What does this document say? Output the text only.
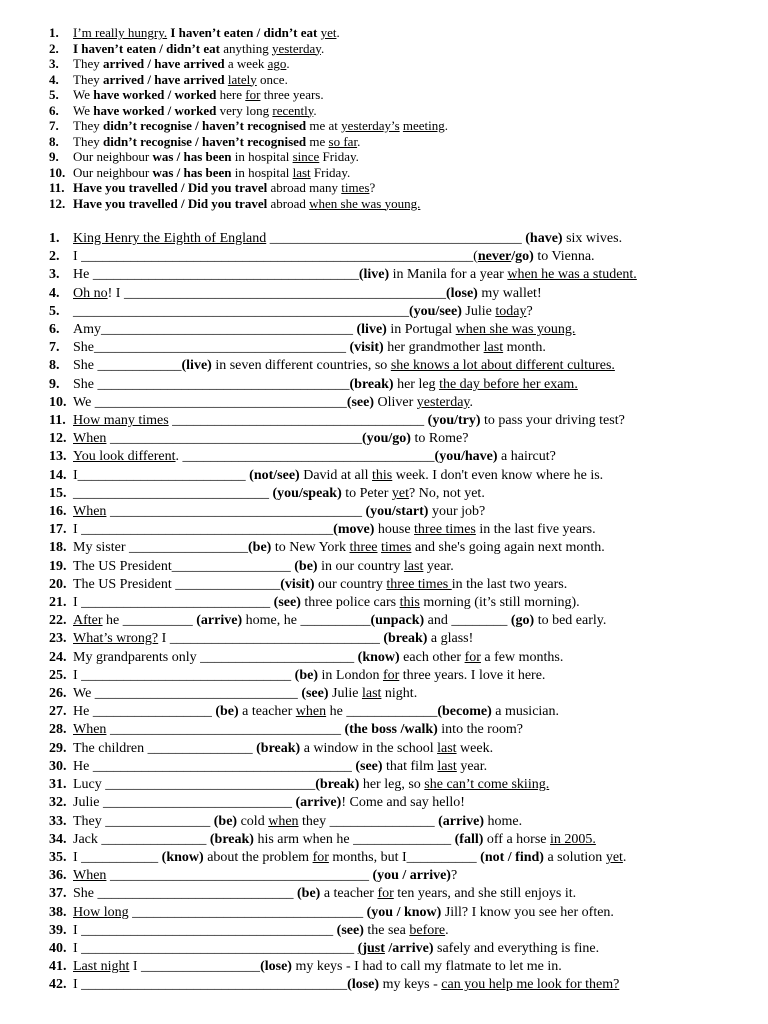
1. I’m really hungry. I haven’t eaten / didn’t eat yet.
2. I haven’t eaten / didn’t eat anything yesterday.
3. They arrived / have arrived a week ago.
4. They arrived / have arrived lately once.
5. We have worked / worked here for three years.
6. We have worked / worked very long recently.
7. They didn’t recognise / haven’t recognised me at yesterday’s meeting.
8. They didn’t recognise / haven’t recognised me so far.
9. Our neighbour was / has been in hospital since Friday.
10. Our neighbour was / has been in hospital last Friday.
11. Have you travelled / Did you travel abroad many times?
12. Have you travelled / Did you travel abroad when she was young.
1. King Henry the Eighth of England ____________________________________ (have) six wives.
2. I ________________________________________________________(never/go) to Vienna.
3. He ______________________________________(live) in Manila for a year when he was a student.
4. Oh no! I ______________________________________________(lose) my wallet!
5. ________________________________________________(you/see) Julie today?
6. Amy____________________________________ (live) in Portugal when she was young.
7. She____________________________________ (visit) her grandmother last month.
8. She ____________(live) in seven different countries, so she knows a lot about different cultures.
9. She ____________________________________(break) her leg the day before her exam.
10. We ____________________________________(see) Oliver yesterday.
11. How many times ____________________________________ (you/try) to pass your driving test?
12. When ____________________________________(you/go) to Rome?
13. You look different. ____________________________________(you/have) a haircut?
14. I________________________ (not/see) David at all this week. I don't even know where he is.
15. ____________________________ (you/speak) to Peter yet? No, not yet.
16. When ____________________________________ (you/start) your job?
17. I ____________________________________(move) house three times in the last five years.
18. My sister _________________(be) to New York three times and she's going again next month.
19. The US President_________________ (be) in our country last year.
20. The US President _______________(visit) our country three times in the last two years.
21. I ___________________________ (see) three police cars this morning (it’s still morning).
22. After he __________ (arrive) home, he __________(unpack) and ________ (go) to bed early.
23. What’s wrong? I ______________________________ (break) a glass!
24. My grandparents only ______________________ (know) each other for a few months.
25. I ______________________________ (be) in London for three years. I love it here.
26. We _____________________________ (see) Julie last night.
27. He _________________ (be) a teacher when he _____________(become) a musician.
28. When _________________________________ (the boss /walk) into the room?
29. The children _______________ (break) a window in the school last week.
30. He _____________________________________ (see) that film last year.
31. Lucy ______________________________(break) her leg, so she can’t come skiing.
32. Julie ___________________________ (arrive)! Come and say hello!
33. They _______________ (be) cold when they _______________ (arrive) home.
34. Jack _______________ (break) his arm when he ______________ (fall) off a horse in 2005.
35. I ___________ (know) about the problem for months, but I__________ (not / find) a solution yet.
36. When _____________________________________ (you / arrive)?
37. She ____________________________ (be) a teacher for ten years, and she still enjoys it.
38. How long _________________________________ (you / know) Jill? I know you see her often.
39. I ____________________________________ (see) the sea before.
40. I _______________________________________ (just /arrive) safely and everything is fine.
41. Last night I _________________(lose) my keys - I had to call my flatmate to let me in.
42. I ______________________________________(lose) my keys - can you help me look for them?
